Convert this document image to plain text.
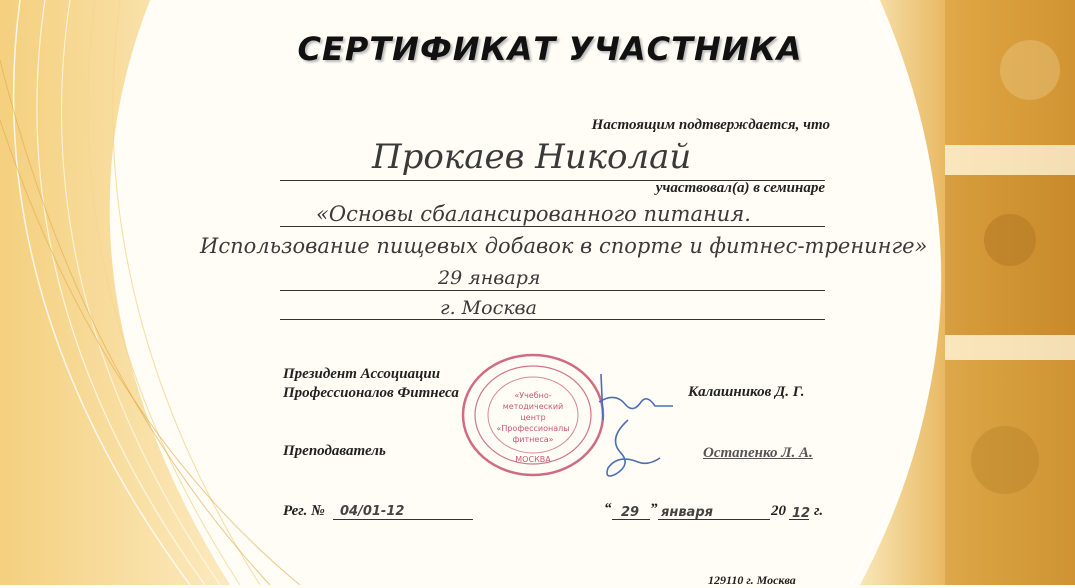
СЕРТИФИКАТ УЧАСТНИКА
Настоящим подтверждается, что
Прокаев Николай
участвовал(а) в семинаре
«Основы сбалансированного питания.
Использование пищевых добавок в спорте и фитнес-тренинге»
29 января
г. Москва
«Учебно-
методический
центр
«Профессионалы
фитнеса»
МОСКВА
Президент Ассоциации
Профессионалов Фитнеса	Калашников Д. Г.
Преподаватель	Остапенко Л. А.
Рег. № 04/01-12	“ 29 ” января	20 12 г.
129110 г. Москва
